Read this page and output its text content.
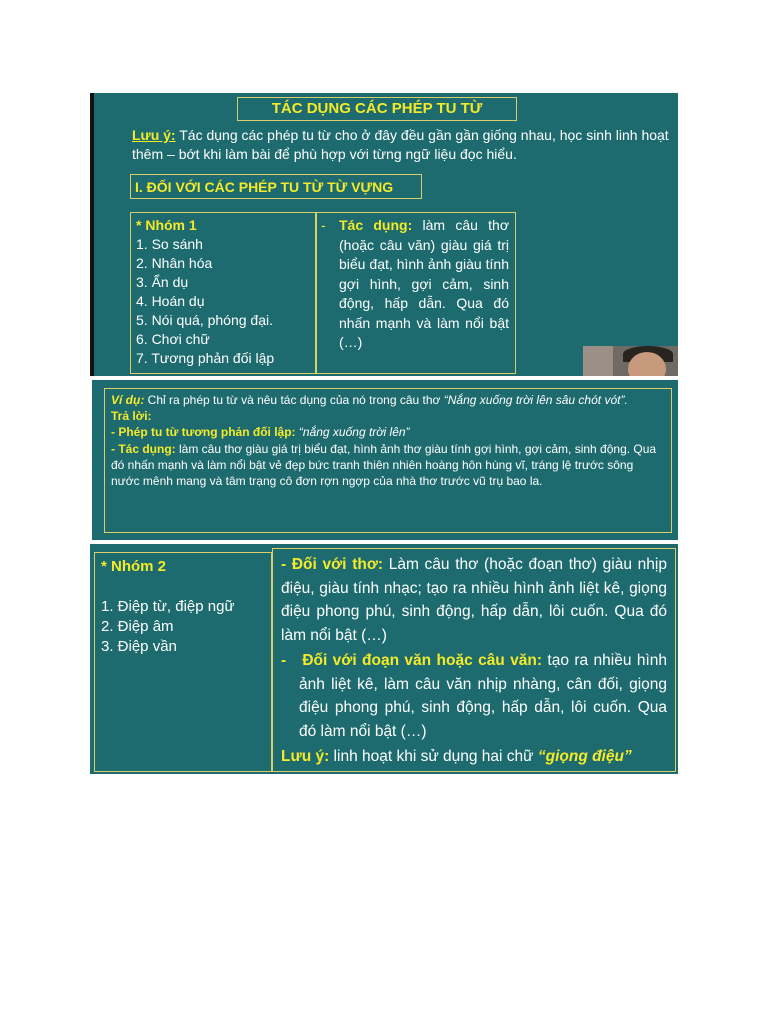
TÁC DỤNG CÁC PHÉP TU TỪ
Lưu ý: Tác dụng các phép tu từ cho ở đây đều gần gần giống nhau, học sinh linh hoạt thêm – bớt khi làm bài để phù hợp với từng ngữ liệu đọc hiểu.
I. ĐỐI VỚI CÁC PHÉP TU TỪ TỪ VỰNG
* Nhóm 1
1. So sánh
2. Nhân hóa
3. Ẩn dụ
4. Hoán dụ
5. Nói quá, phóng đại.
6. Chơi chữ
7. Tương phản đối lập
- Tác dụng: làm câu thơ (hoặc câu văn) giàu giá trị biểu đạt, hình ảnh giàu tính gợi hình, gợi cảm, sinh động, hấp dẫn. Qua đó nhấn mạnh và làm nổi bật (…)

Ví dụ: Chỉ ra phép tu từ và nêu tác dụng của nó trong câu thơ “Nắng xuống trời lên sâu chót vót”.

Trả lời:

- Phép tu từ tương phản đối lập: “nắng xuống trời lên”

- Tác dụng: làm câu thơ giàu giá trị biểu đạt, hình ảnh thơ giàu tính gợi hình, gợi cảm, sinh động. Qua đó nhấn mạnh và làm nổi bật vẻ đẹp bức tranh thiên nhiên hoàng hôn hùng vĩ, tráng lệ trước sông nước mênh mang và tâm trạng cô đơn rợn ngợp của nhà thơ trước vũ trụ bao la.

* Nhóm 2

1. Điệp từ, điệp ngữ

2. Điệp âm

3. Điệp vần

- Đối với thơ: Làm câu thơ (hoặc đoạn thơ) giàu nhịp điệu, giàu tính nhạc; tạo ra nhiều hình ảnh liệt kê, giọng điệu phong phú, sinh động, hấp dẫn, lôi cuốn. Qua đó làm nổi bật (…)

- Đối với đoạn văn hoặc câu văn: tạo ra nhiều hình ảnh liệt kê, làm câu văn nhịp nhàng, cân đối, giọng điệu phong phú, sinh động, hấp dẫn, lôi cuốn. Qua đó làm nổi bật (…)

Lưu ý: linh hoạt khi sử dụng hai chữ “giọng điệu”
